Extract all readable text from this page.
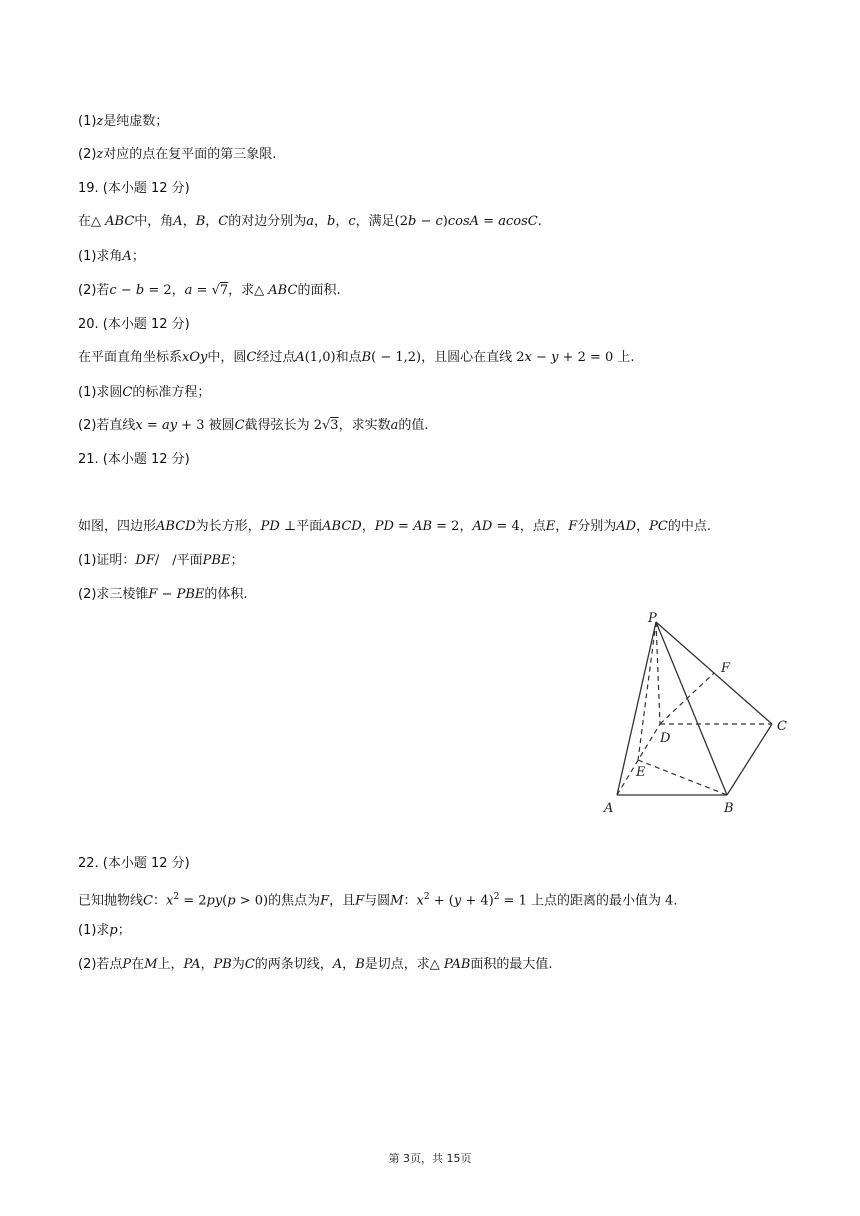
(1)z是纯虚数；
(2)z对应的点在复平面的第三象限.
19. (本小题 12 分)
在△ ABC中，角A，B，C的对边分别为a，b，c，满足(2b − c)cosA = acosC.
(1)求角A；
(2)若c − b = 2，a = √7，求△ ABC的面积.
20. (本小题 12 分)
在平面直角坐标系xOy中，圆C经过点A(1,0)和点B( − 1,2)，且圆心在直线 2x − y + 2 = 0 上.
(1)求圆C的标准方程；
(2)若直线x = ay + 3 被圆C截得弦长为 2√3，求实数a的值.
21. (本小题 12 分)
如图，四边形ABCD为长方形，PD ⊥平面ABCD，PD = AB = 2，AD = 4，点E，F分别为AD，PC的中点.
(1)证明：DF/　/平面PBE；
(2)求三棱锥F − PBE的体积.
P
F
C
D
E
A	B
22. (本小题 12 分)
已知抛物线C：$x^2 = 2py(p > 0)$的焦点为F，且F与圆M：$x^2 + (y + 4)^2 = 1$ 上点的距离的最小值为 4.
(1)求p；
(2)若点P在M上，PA，PB为C的两条切线，A，B是切点，求△ PAB面积的最大值.
第 3页，共 15页
